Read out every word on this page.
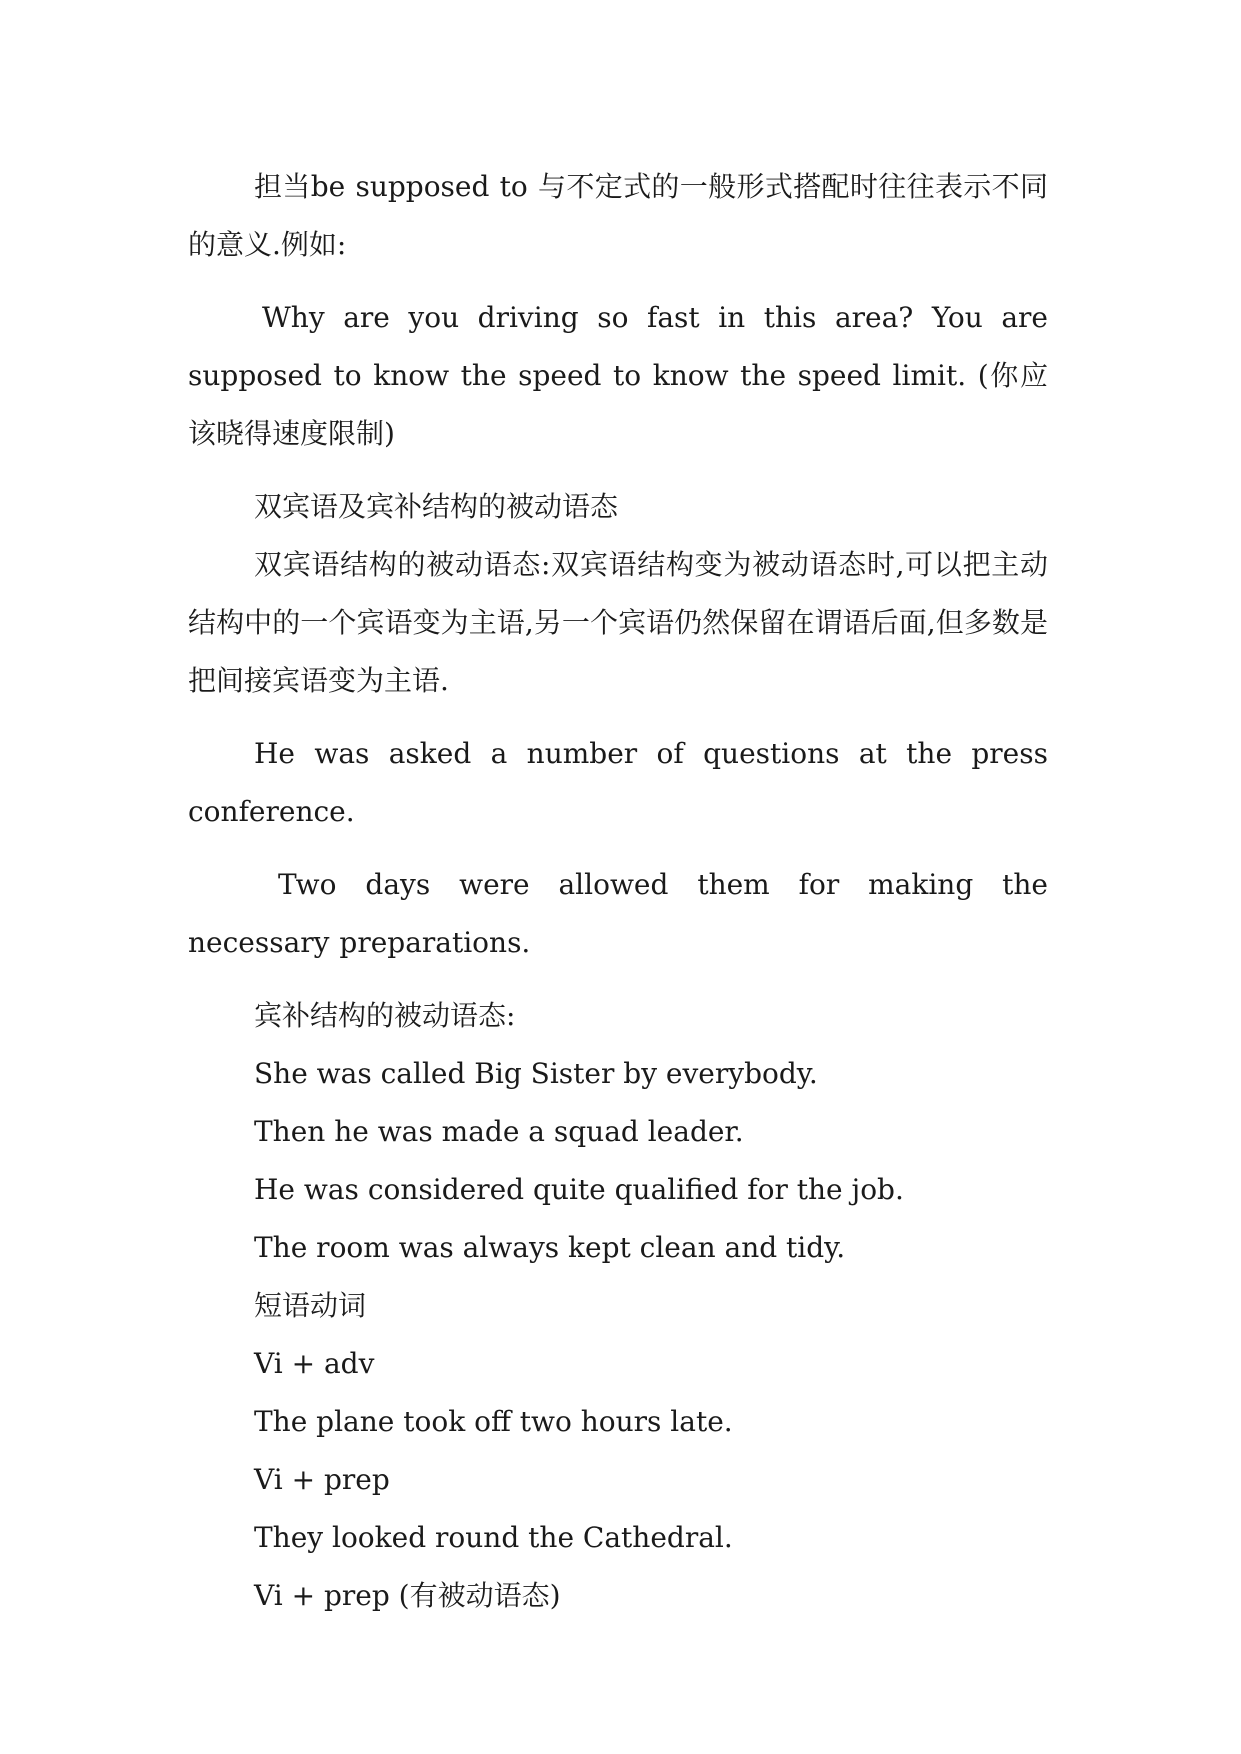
担当be supposed to 与不定式的一般形式搭配时往往表示不同的意义.例如:

Why are you driving so fast in this area? You are supposed to know the speed to know the speed limit. (你应该晓得速度限制)

双宾语及宾补结构的被动语态

双宾语结构的被动语态:双宾语结构变为被动语态时,可以把主动结构中的一个宾语变为主语,另一个宾语仍然保留在谓语后面,但多数是把间接宾语变为主语.

He was asked a number of questions at the press conference.

Two days were allowed them for making the necessary preparations.

宾补结构的被动语态:

She was called Big Sister by everybody.

Then he was made a squad leader.

He was considered quite qualified for the job.

The room was always kept clean and tidy.

短语动词

Vi + adv

The plane took off two hours late.

Vi + prep

They looked round the Cathedral.

Vi + prep (有被动语态)
